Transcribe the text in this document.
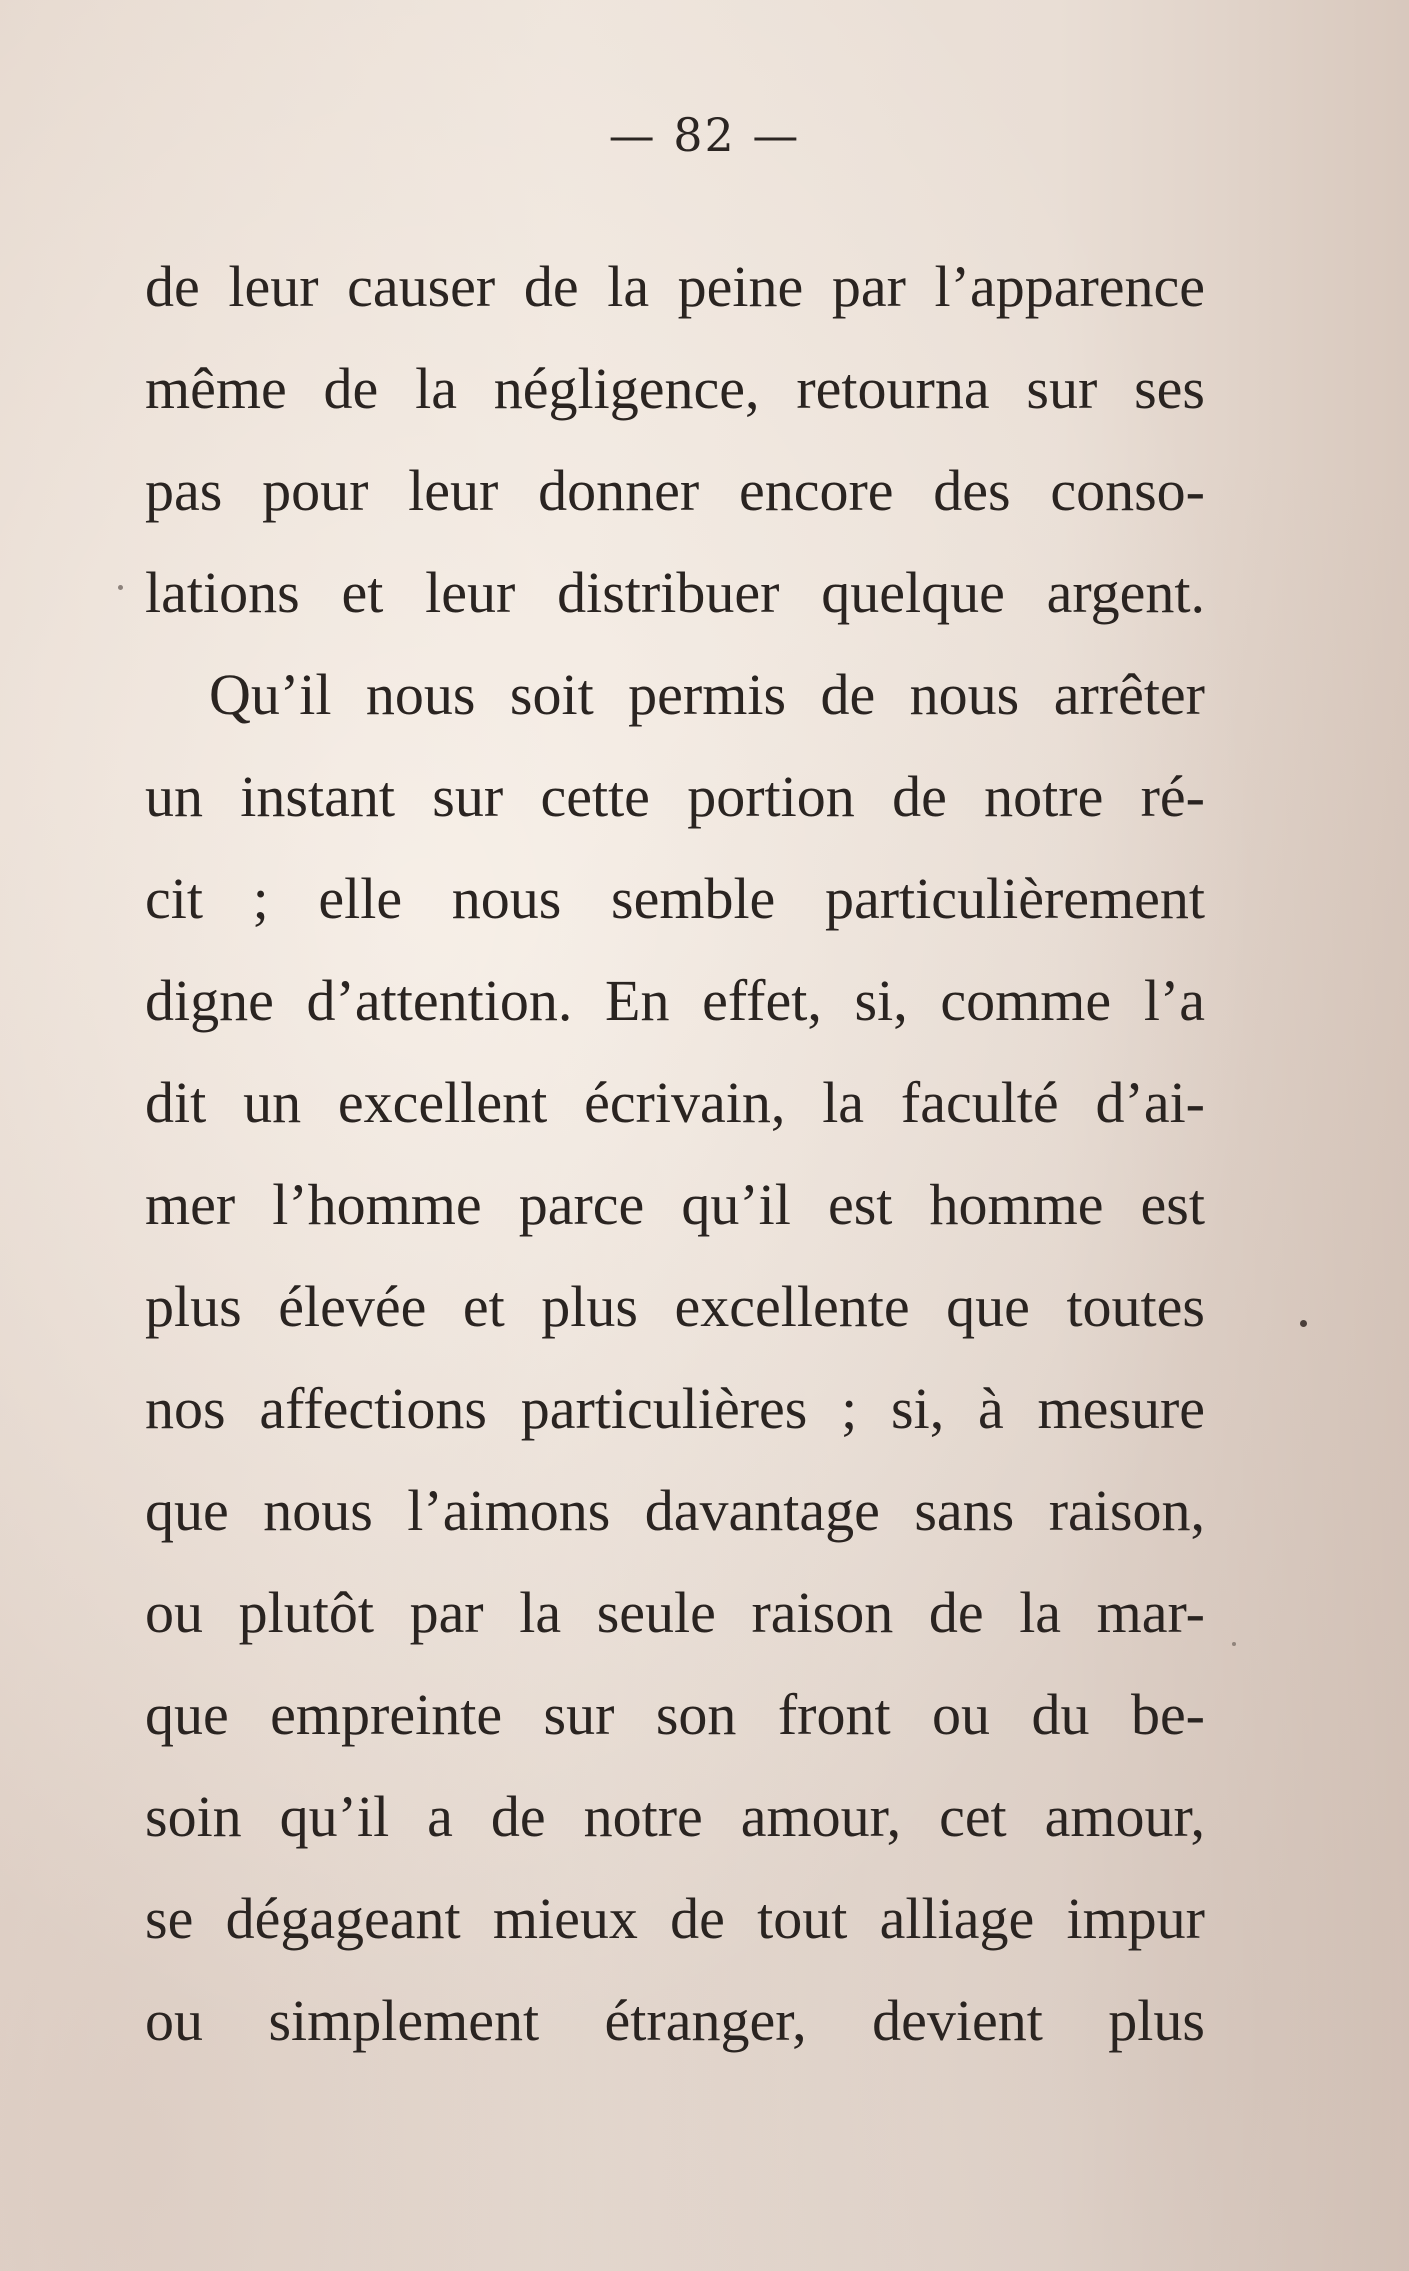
— 82 —
de leur causer de la peine par l’apparence
même de la négligence, retourna sur ses
pas pour leur donner encore des conso-
lations et leur distribuer quelque argent.
Qu’il nous soit permis de nous arrêter
un instant sur cette portion de notre ré-
cit ; elle nous semble particulièrement
digne d’attention. En effet, si, comme l’a
dit un excellent écrivain, la faculté d’ai-
mer l’homme parce qu’il est homme est
plus élevée et plus excellente que toutes
nos affections particulières ; si, à mesure
que nous l’aimons davantage sans raison,
ou plutôt par la seule raison de la mar-
que empreinte sur son front ou du be-
soin qu’il a de notre amour, cet amour,
se dégageant mieux de tout alliage impur
ou simplement étranger, devient plus
